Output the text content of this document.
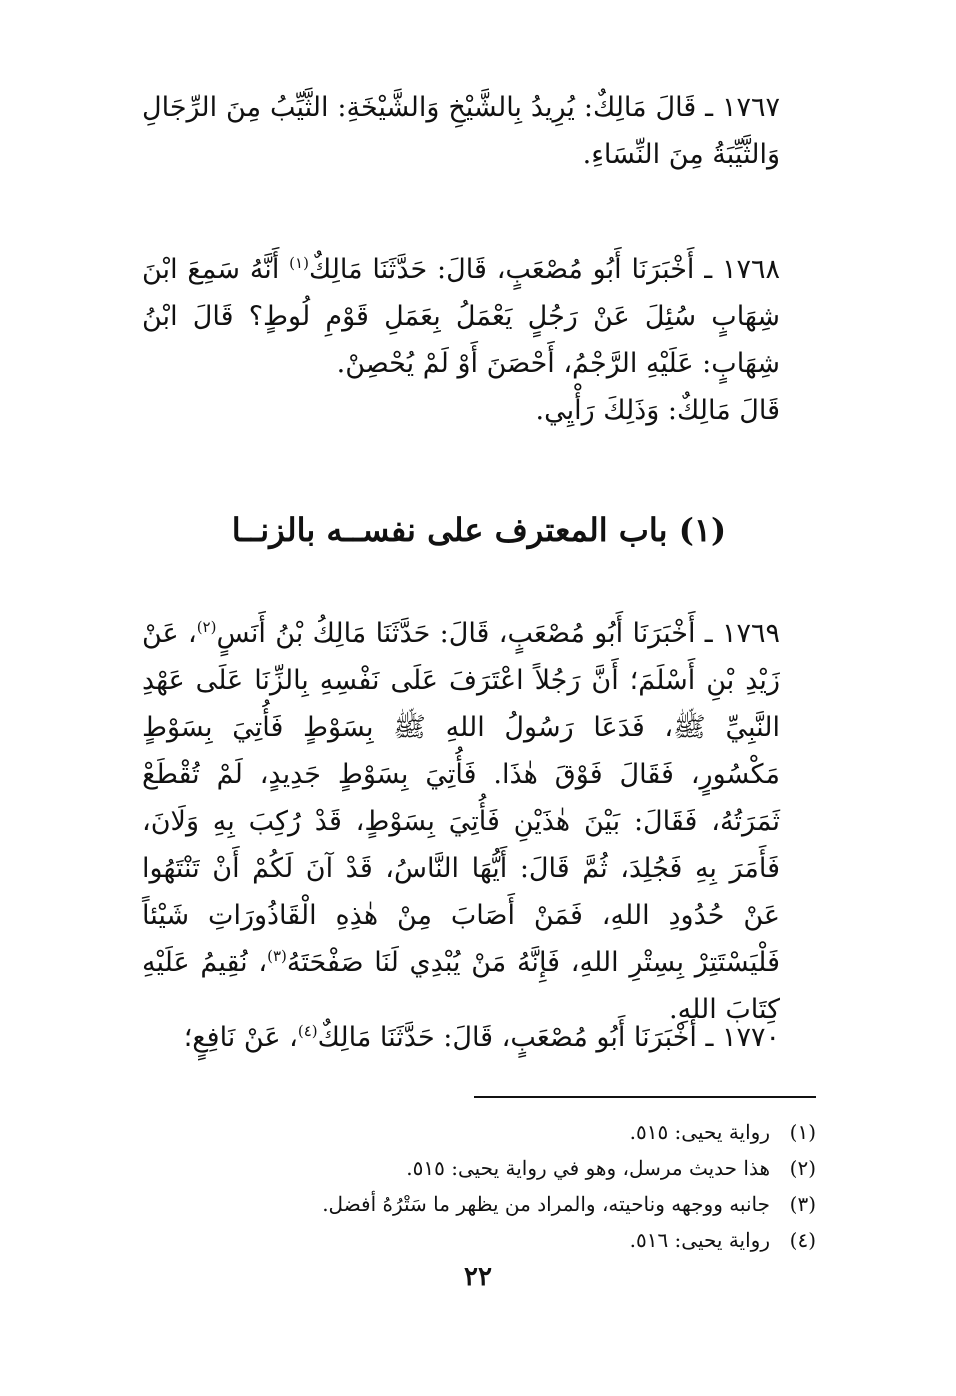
١٧٦٧ ـ قَالَ مَالِكٌ: يُرِيدُ بِالشَّيْخِ وَالشَّيْخَةِ: الثَّيِّبُ مِنَ الرِّجَالِ وَالثَّيِّبَةُ مِنَ النِّسَاءِ.

١٧٦٨ ـ أَخْبَرَنَا أَبُو مُصْعَبٍ، قَالَ: حَدَّثَنَا مَالِكٌ$^{(١)}$ أَنَّهُ سَمِعَ ابْنَ شِهَابٍ سُئِلَ عَنْ رَجُلٍ يَعْمَلُ بِعَمَلِ قَوْمِ لُوطٍ؟ قَالَ ابْنُ شِهَابٍ: عَلَيْهِ الرَّجْمُ، أَحْصَنَ أَوْ لَمْ يُحْصِنْ.

قَالَ مَالِكٌ: وَذَلِكَ رَأْيِي.

(١) باب المعترف على نفســه بالزنــا

١٧٦٩ ـ أَخْبَرَنَا أَبُو مُصْعَبٍ، قَالَ: حَدَّثَنَا مَالِكُ بْنُ أَنَسٍ$^{(٢)}$، عَنْ زَيْدِ بْنِ أَسْلَمَ؛ أَنَّ رَجُلاً اعْتَرَفَ عَلَى نَفْسِهِ بِالزِّنَا عَلَى عَهْدِ النَّبِيِّ ﷺ، فَدَعَا رَسُولُ اللهِ ﷺ بِسَوْطٍ فَأُتِيَ بِسَوْطٍ مَكْسُورٍ، فَقَالَ فَوْقَ هٰذَا. فَأُتِيَ بِسَوْطٍ جَدِيدٍ، لَمْ تُقْطَعْ ثَمَرَتُهُ، فَقَالَ: بَيْنَ هٰذَيْنِ فَأُتِيَ بِسَوْطٍ، قَدْ رُكِبَ بِهِ وَلَانَ، فَأَمَرَ بِهِ فَجُلِدَ، ثُمَّ قَالَ: أَيُّهَا النَّاسُ، قَدْ آنَ لَكُمْ أَنْ تَنْتَهُوا عَنْ حُدُودِ اللهِ، فَمَنْ أَصَابَ مِنْ هٰذِهِ الْقَاذُورَاتِ شَيْئاً فَلْيَسْتَتِرْ بِسِتْرِ اللهِ، فَإِنَّهُ مَنْ يُبْدِي لَنَا صَفْحَتَهُ$^{(٣)}$، نُقِيمُ عَلَيْهِ كِتَابَ اللهِ.

١٧٧٠ ـ أَخْبَرَنَا أَبُو مُصْعَبٍ، قَالَ: حَدَّثَنَا مَالِكٌ$^{(٤)}$، عَنْ نَافِعٍ؛

(١)
رواية يحيى: ٥١٥.
(٢)
هذا حديث مرسل، وهو في رواية يحيى: ٥١٥.
(٣)
جانبه ووجهه وناحيته، والمراد من يظهر ما سَتْرُهُ أفضل.
(٤)
رواية يحيى: ٥١٦.
٢٢
